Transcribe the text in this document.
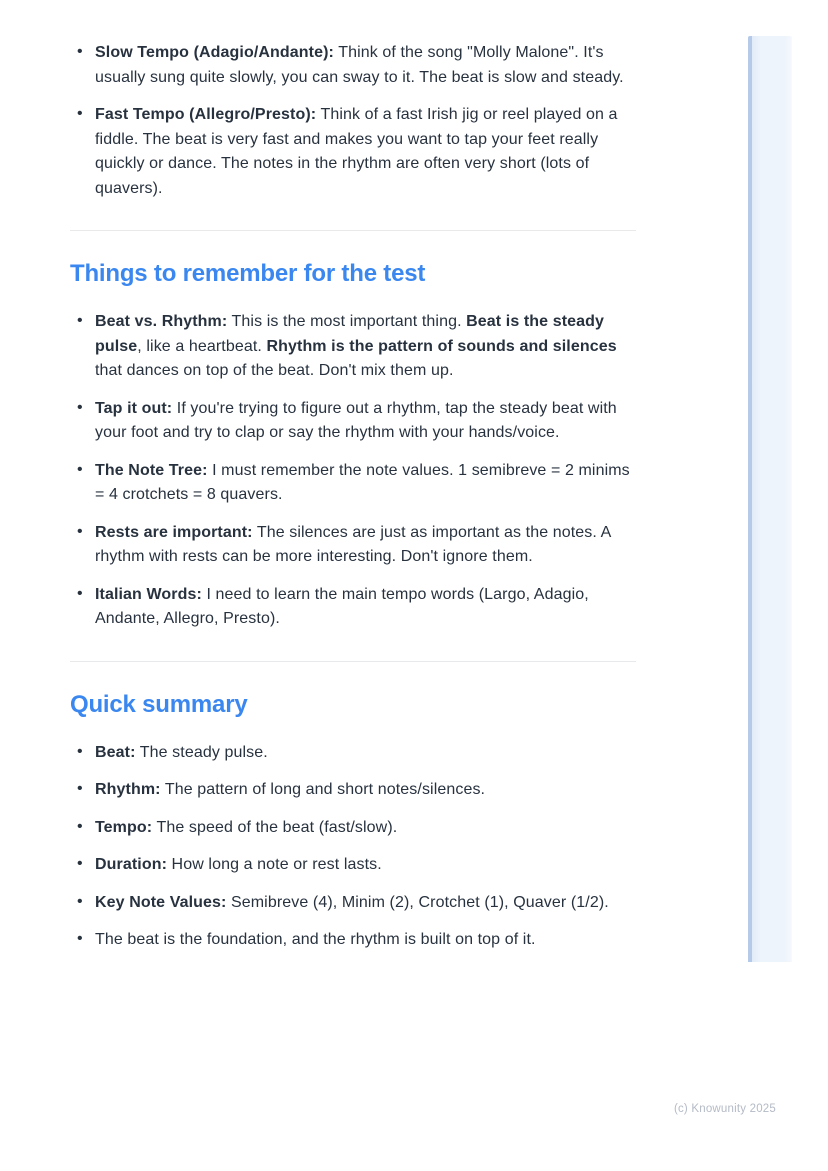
• Slow Tempo (Adagio/Andante): Think of the song "Molly Malone". It's usually sung quite slowly, you can sway to it. The beat is slow and steady.
• Fast Tempo (Allegro/Presto): Think of a fast Irish jig or reel played on a fiddle. The beat is very fast and makes you want to tap your feet really quickly or dance. The notes in the rhythm are often very short (lots of quavers).
Things to remember for the test
• Beat vs. Rhythm: This is the most important thing. Beat is the steady pulse, like a heartbeat. Rhythm is the pattern of sounds and silences that dances on top of the beat. Don't mix them up.
• Tap it out: If you're trying to figure out a rhythm, tap the steady beat with your foot and try to clap or say the rhythm with your hands/voice.
• The Note Tree: I must remember the note values. 1 semibreve = 2 minims = 4 crotchets = 8 quavers.
• Rests are important: The silences are just as important as the notes. A rhythm with rests can be more interesting. Don't ignore them.
• Italian Words: I need to learn the main tempo words (Largo, Adagio, Andante, Allegro, Presto).
Quick summary
• Beat: The steady pulse.
• Rhythm: The pattern of long and short notes/silences.
• Tempo: The speed of the beat (fast/slow).
• Duration: How long a note or rest lasts.
• Key Note Values: Semibreve (4), Minim (2), Crotchet (1), Quaver (1/2).
• The beat is the foundation, and the rhythm is built on top of it.
(c) Knowunity 2025
